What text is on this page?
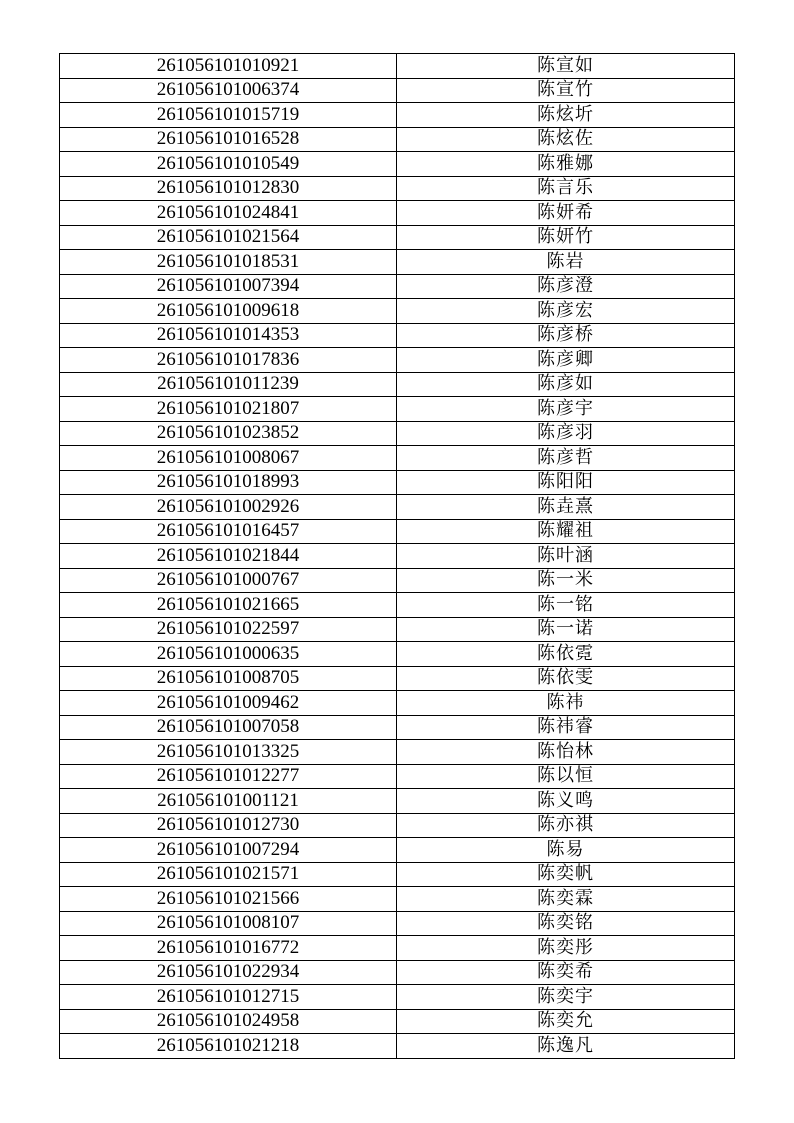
261056101010921	陈宣如
261056101006374	陈宣竹
261056101015719	陈炫圻
261056101016528	陈炫佐
261056101010549	陈雅娜
261056101012830	陈言乐
261056101024841	陈妍希
261056101021564	陈妍竹
261056101018531	陈岩
261056101007394	陈彦澄
261056101009618	陈彦宏
261056101014353	陈彦桥
261056101017836	陈彦卿
261056101011239	陈彦如
261056101021807	陈彦宇
261056101023852	陈彦羽
261056101008067	陈彦哲
261056101018993	陈阳阳
261056101002926	陈垚熹
261056101016457	陈耀祖
261056101021844	陈叶涵
261056101000767	陈一米
261056101021665	陈一铭
261056101022597	陈一诺
261056101000635	陈依霓
261056101008705	陈依雯
261056101009462	陈祎
261056101007058	陈祎睿
261056101013325	陈怡林
261056101012277	陈以恒
261056101001121	陈义鸣
261056101012730	陈亦祺
261056101007294	陈易
261056101021571	陈奕帆
261056101021566	陈奕霖
261056101008107	陈奕铭
261056101016772	陈奕彤
261056101022934	陈奕希
261056101012715	陈奕宇
261056101024958	陈奕允
261056101021218	陈逸凡
